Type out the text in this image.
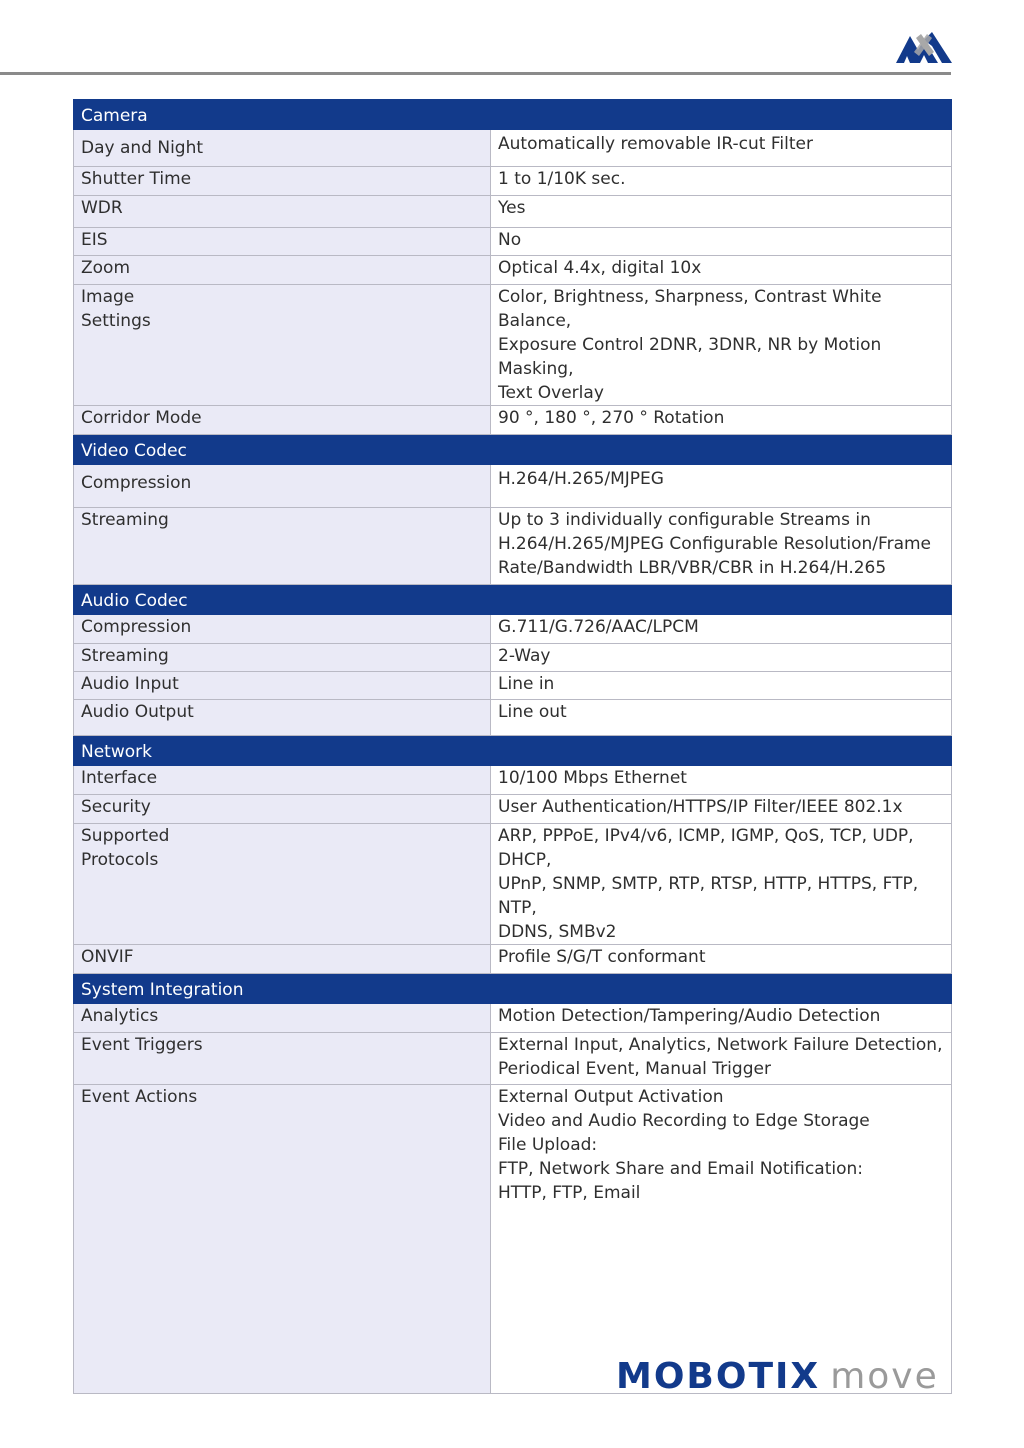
Camera	
Day and Night	Automatically removable IR-cut Filter
Shutter Time	1 to 1/10K sec.
WDR	Yes
EIS	No
Zoom	Optical 4.4x, digital 10x
Image
Settings	Color, Brightness, Sharpness, Contrast White Balance,
Exposure Control 2DNR, 3DNR, NR by Motion Masking,
Text Overlay
Corridor Mode	90 °, 180 °, 270 ° Rotation
Video Codec	
Compression	H.264/H.265/MJPEG
Streaming	Up to 3 individually configurable Streams in
H.264/H.265/MJPEG Configurable Resolution/Frame
Rate/Bandwidth LBR/VBR/CBR in H.264/H.265
Audio Codec	
Compression	G.711/G.726/AAC/LPCM
Streaming	2-Way
Audio Input	Line in
Audio Output	Line out
Network	
Interface	10/100 Mbps Ethernet
Security	User Authentication/HTTPS/IP Filter/IEEE 802.1x
Supported
Protocols	ARP, PPPoE, IPv4/v6, ICMP, IGMP, QoS, TCP, UDP, DHCP,
UPnP, SNMP, SMTP, RTP, RTSP, HTTP, HTTPS, FTP, NTP,
DDNS, SMBv2
ONVIF	Profile S/G/T conformant
System Integration	
Analytics	Motion Detection/Tampering/Audio Detection
Event Triggers	External Input, Analytics, Network Failure Detection,
Periodical Event, Manual Trigger
Event Actions	External Output Activation
Video and Audio Recording to Edge Storage
File Upload:
FTP, Network Share and Email Notification:
HTTP, FTP, Email
MOBOTIX move
